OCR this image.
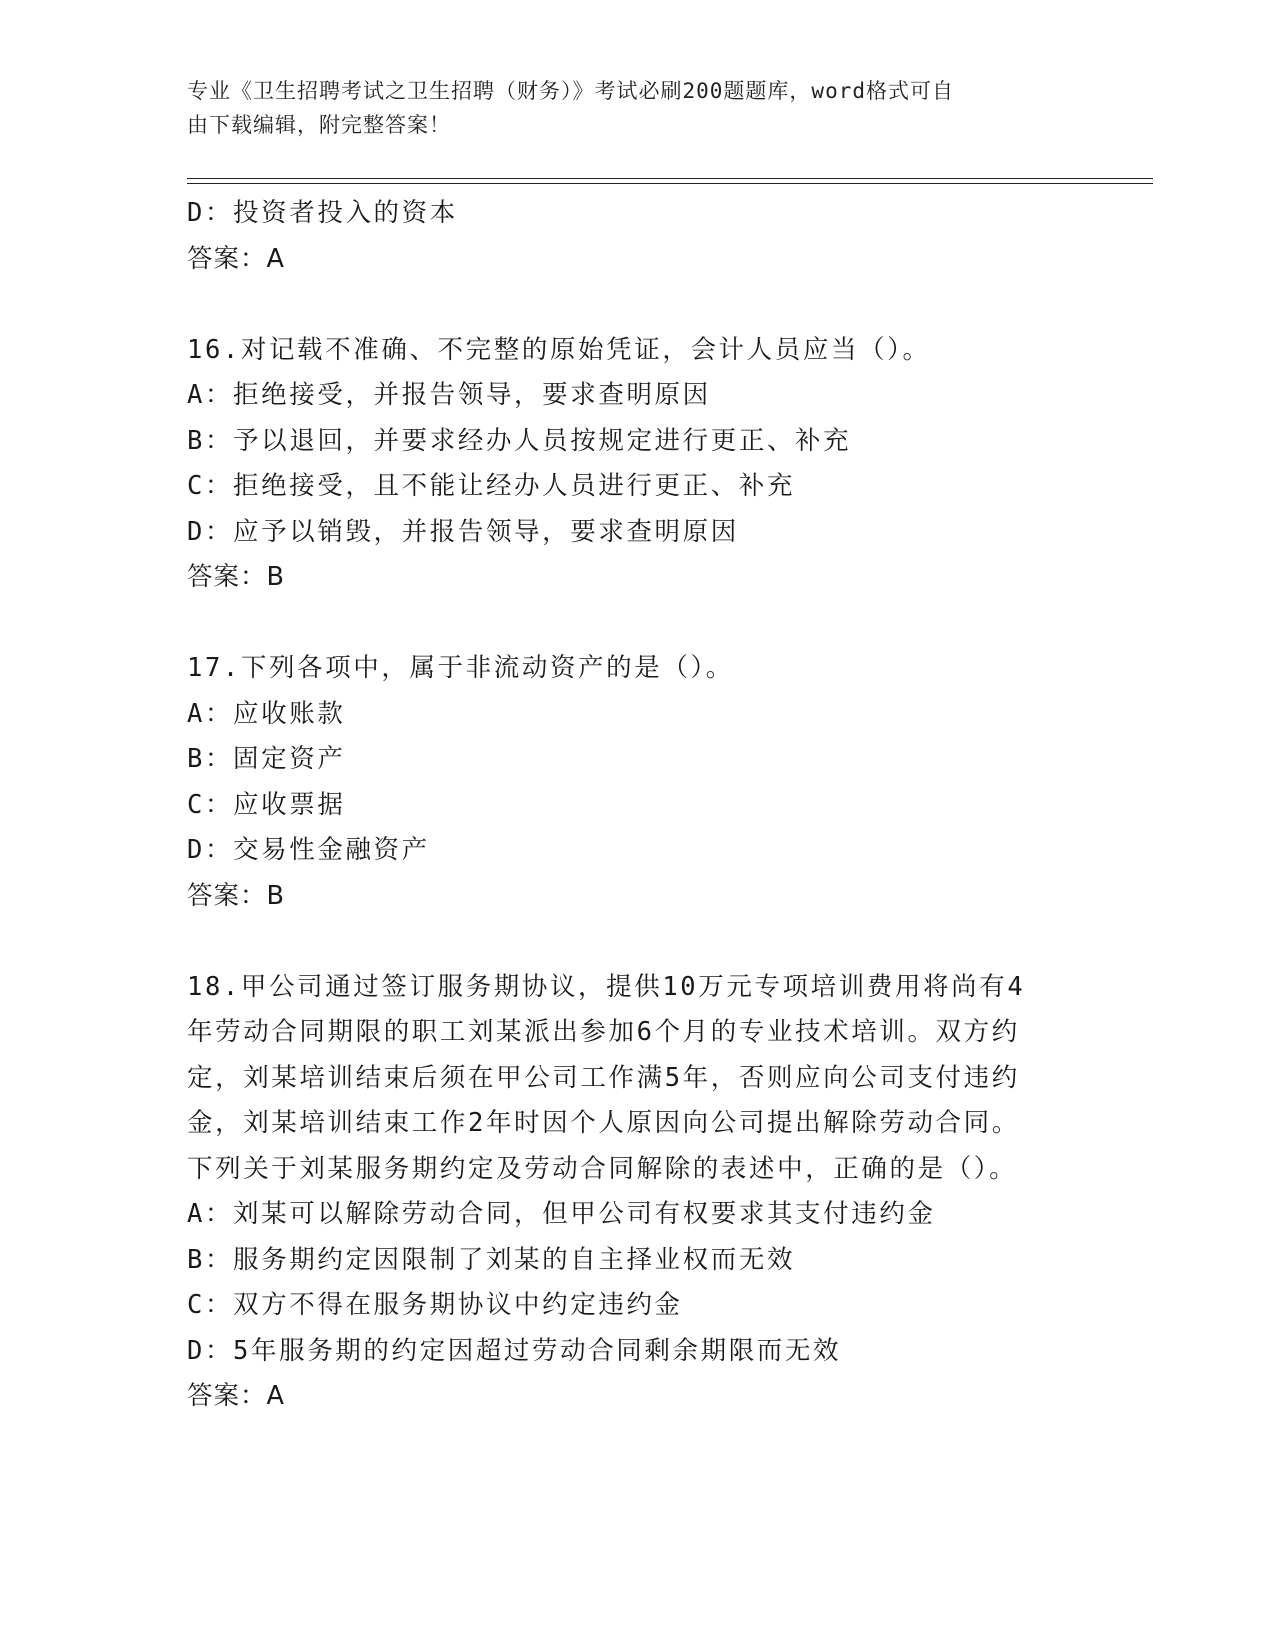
专业《卫生招聘考试之卫生招聘（财务）》考试必刷200题题库，word格式可自
由下载编辑，附完整答案！
D：投资者投入的资本
答案：A
16.对记载不准确、不完整的原始凭证，会计人员应当（）。
A：拒绝接受，并报告领导，要求查明原因
B：予以退回，并要求经办人员按规定进行更正、补充
C：拒绝接受，且不能让经办人员进行更正、补充
D：应予以销毁，并报告领导，要求查明原因
答案：B
17.下列各项中，属于非流动资产的是（）。
A：应收账款
B：固定资产
C：应收票据
D：交易性金融资产
答案：B
18.甲公司通过签订服务期协议，提供10万元专项培训费用将尚有4
年劳动合同期限的职工刘某派出参加6个月的专业技术培训。双方约
定，刘某培训结束后须在甲公司工作满5年，否则应向公司支付违约
金，刘某培训结束工作2年时因个人原因向公司提出解除劳动合同。
下列关于刘某服务期约定及劳动合同解除的表述中，正确的是（）。
A：刘某可以解除劳动合同，但甲公司有权要求其支付违约金
B：服务期约定因限制了刘某的自主择业权而无效
C：双方不得在服务期协议中约定违约金
D：5年服务期的约定因超过劳动合同剩余期限而无效
答案：A
